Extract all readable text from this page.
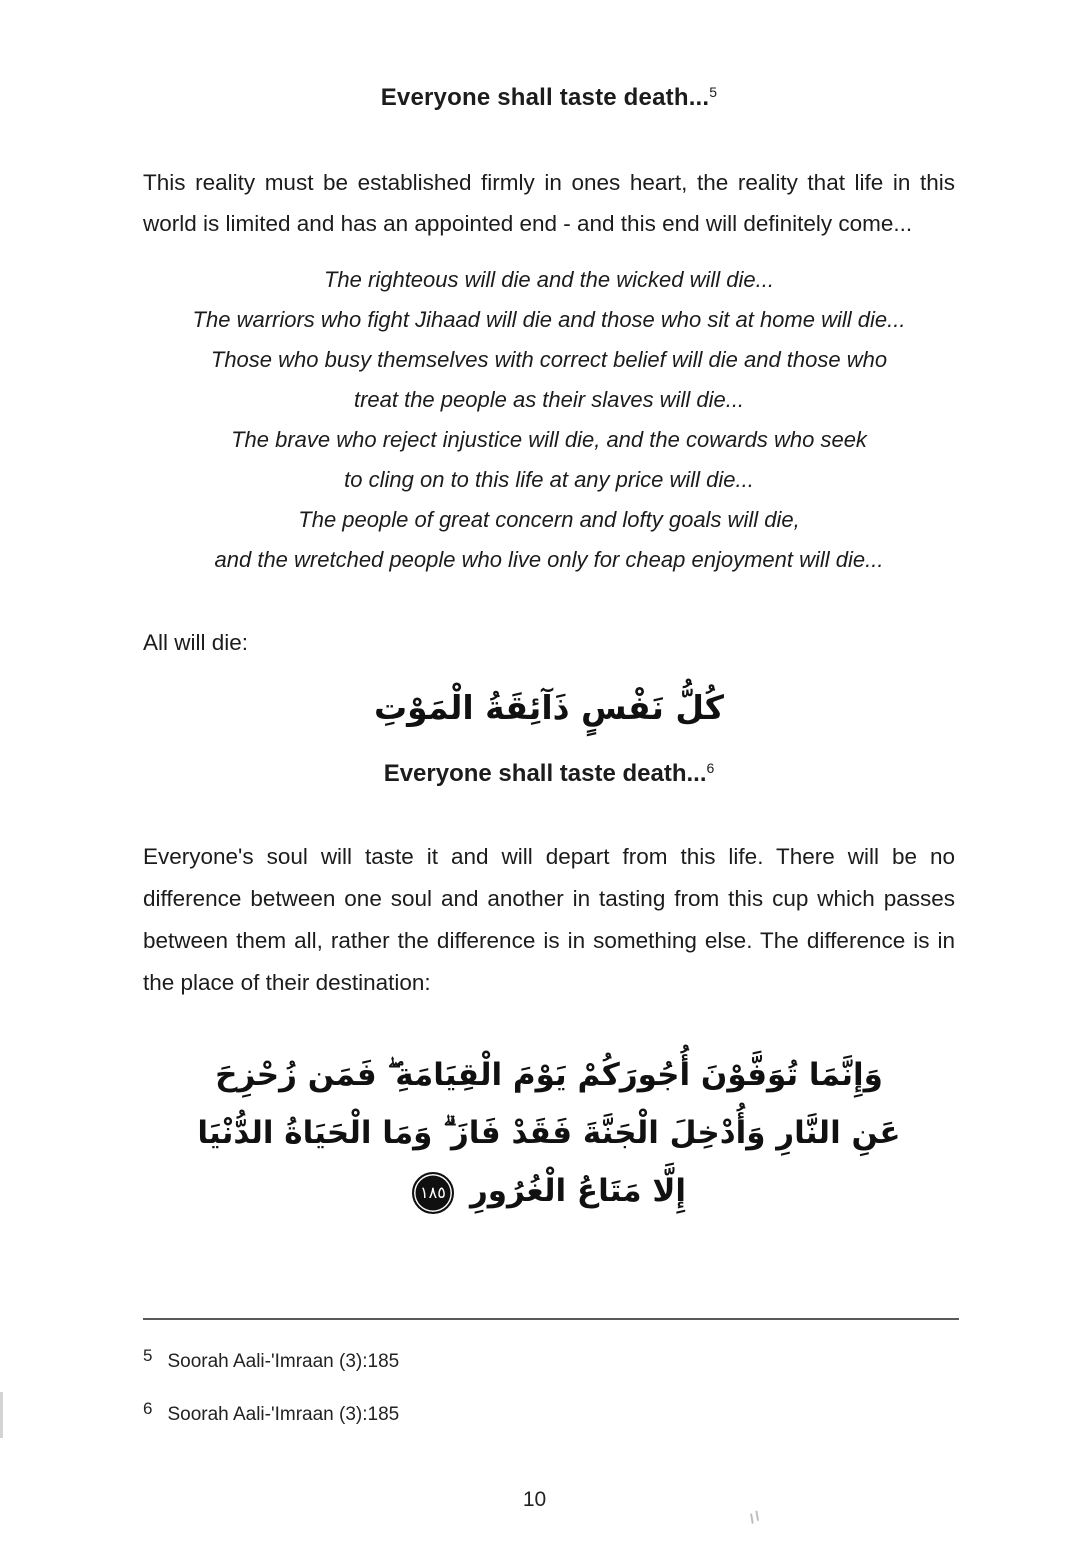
Everyone shall taste death...$^5$
This reality must be established firmly in ones heart, the reality that life in this world is limited and has an appointed end - and this end will definitely come...
The righteous will die and the wicked will die...
The warriors who fight Jihaad will die and those who sit at home will die...
Those who busy themselves with correct belief will die and those who
treat the people as their slaves will die...
The brave who reject injustice will die, and the cowards who seek
to cling on to this life at any price will die...
The people of great concern and lofty goals will die,
and the wretched people who live only for cheap enjoyment will die...
All will die:
كُلُّ نَفْسٍ ذَآئِقَةُ الْمَوْتِ
Everyone shall taste death...$^6$
Everyone's soul will taste it and will depart from this life. There will be no difference between one soul and another in tasting from this cup which passes between them all, rather the difference is in something else. The difference is in the place of their destination:
وَإِنَّمَا تُوَفَّوْنَ أُجُورَكُمْ يَوْمَ الْقِيَامَةِ ۖ فَمَن زُحْزِحَ
عَنِ النَّارِ وَأُدْخِلَ الْجَنَّةَ فَقَدْ فَازَ ۗ وَمَا الْحَيَاةُ الدُّنْيَا
إِلَّا مَتَاعُ الْغُرُورِ١٨٥
5 Soorah Aali-'Imraan (3):185
6 Soorah Aali-'Imraan (3):185
10
